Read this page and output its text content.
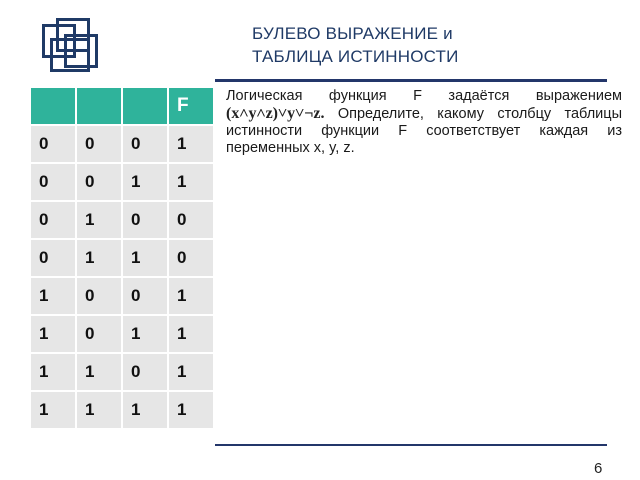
БУЛЕВО ВЫРАЖЕНИЕ и
ТАБЛИЦА ИСТИННОСТИ
			F
0	0	0	1
0	0	1	1
0	1	0	0
0	1	1	0
1	0	0	1
1	0	1	1
1	1	0	1
1	1	1	1
Логическая функция F задаётся выражением (x˄y˄z)˅y˅¬z. Определите, какому столбцу таблицы истинности функции F соответствует каждая из переменных x, y, z.
6
